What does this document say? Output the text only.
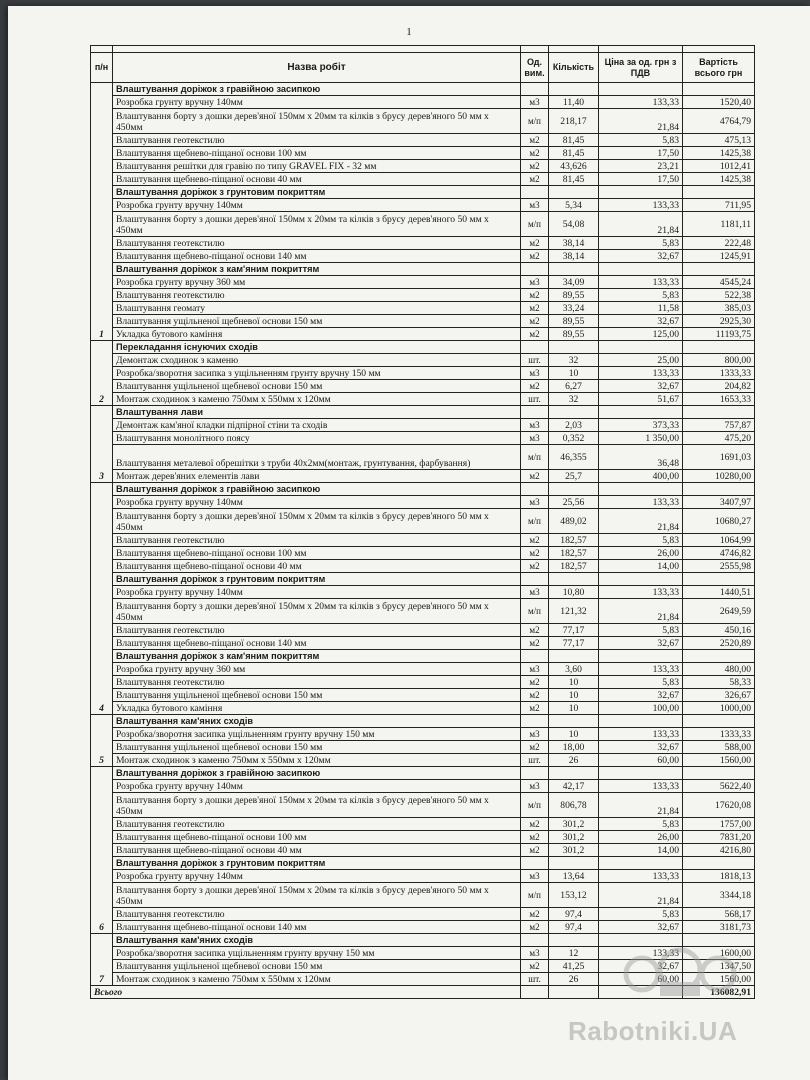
1

п/н	Назва робіт	Од. вим.	Кількість	Ціна за од. грн з ПДВ	Вартість всього грн
1	Влаштування доріжок з гравійною засипкою				
	Розробка грунту вручну 140мм	м3	11,40	133,33	1520,40
	Влаштування борту з дошки дерев'яної 150мм х 20мм та кілків з брусу дерев'яного 50 мм х 450мм	м/п	218,17	21,84	4764,79
	Влаштування геотекстилю	м2	81,45	5,83	475,13
	Влаштування щебнево-піщаної основи 100 мм	м2	81,45	17,50	1425,38
	Влаштування решітки для гравію по типу GRAVEL FIX - 32 мм	м2	43,626	23,21	1012,41
	Влаштування щебнево-піщаної основи 40 мм	м2	81,45	17,50	1425,38
	Влаштування доріжок з грунтовим покриттям				
	Розробка грунту вручну 140мм	м3	5,34	133,33	711,95
	Влаштування борту з дошки дерев'яної 150мм х 20мм та кілків з брусу дерев'яного 50 мм х 450мм	м/п	54,08	21,84	1181,11
	Влаштування геотекстилю	м2	38,14	5,83	222,48
	Влаштування щебнево-піщаної основи 140 мм	м2	38,14	32,67	1245,91
	Влаштування доріжок з кам'яним покриттям				
	Розробка грунту вручну 360 мм	м3	34,09	133,33	4545,24
	Влаштування геотекстилю	м2	89,55	5,83	522,38
	Влаштування геомату	м2	33,24	11,58	385,03
	Влаштування ущільненої щебневої основи 150 мм	м2	89,55	32,67	2925,30
	Укладка бутового каміння	м2	89,55	125,00	11193,75
2	Перекладання існуючих сходів				
	Демонтаж сходинок з каменю	шт.	32	25,00	800,00
	Розробка/зворотня засипка з ущільненням грунту вручну 150 мм	м3	10	133,33	1333,33
	Влаштування ущільненої щебневої основи 150 мм	м2	6,27	32,67	204,82
	Монтаж сходинок з каменю 750мм х 550мм х 120мм	шт.	32	51,67	1653,33
3	Влаштування лави				
	Демонтаж кам'яної кладки підпірної стіни та сходів	м3	2,03	373,33	757,87
	Влаштування монолітного поясу	м3	0,352	1 350,00	475,20
	Влаштування металевої обрешітки з труби 40х2мм(монтаж, грунтування, фарбування)	м/п	46,355	36,48	1691,03
	Монтаж дерев'яних елементів лави	м2	25,7	400,00	10280,00
4	Влаштування доріжок з гравійною засипкою				
	Розробка грунту вручну 140мм	м3	25,56	133,33	3407,97
	Влаштування борту з дошки дерев'яної 150мм х 20мм та кілків з брусу дерев'яного 50 мм х 450мм	м/п	489,02	21,84	10680,27
	Влаштування геотекстилю	м2	182,57	5,83	1064,99
	Влаштування щебнево-піщаної основи 100 мм	м2	182,57	26,00	4746,82
	Влаштування щебнево-піщаної основи 40 мм	м2	182,57	14,00	2555,98
	Влаштування доріжок з грунтовим покриттям				
	Розробка грунту вручну 140мм	м3	10,80	133,33	1440,51
	Влаштування борту з дошки дерев'яної 150мм х 20мм та кілків з брусу дерев'яного 50 мм х 450мм	м/п	121,32	21,84	2649,59
	Влаштування геотекстилю	м2	77,17	5,83	450,16
	Влаштування щебнево-піщаної основи 140 мм	м2	77,17	32,67	2520,89
	Влаштування доріжок з кам'яним покриттям				
	Розробка грунту вручну 360 мм	м3	3,60	133,33	480,00
	Влаштування геотекстилю	м2	10	5,83	58,33
	Влаштування ущільненої щебневої основи 150 мм	м2	10	32,67	326,67
	Укладка бутового каміння	м2	10	100,00	1000,00
5	Влаштування кам'яних сходів				
	Розробка/зворотня засипка ущільненням грунту вручну 150 мм	м3	10	133,33	1333,33
	Влаштування ущільненої щебневої основи 150 мм	м2	18,00	32,67	588,00
	Монтаж сходинок з каменю 750мм х 550мм х 120мм	шт.	26	60,00	1560,00
6	Влаштування доріжок з гравійною засипкою				
	Розробка грунту вручну 140мм	м3	42,17	133,33	5622,40
	Влаштування борту з дошки дерев'яної 150мм х 20мм та кілків з брусу дерев'яного 50 мм х 450мм	м/п	806,78	21,84	17620,08
	Влаштування геотекстилю	м2	301,2	5,83	1757,00
	Влаштування щебнево-піщаної основи 100 мм	м2	301,2	26,00	7831,20
	Влаштування щебнево-піщаної основи 40 мм	м2	301,2	14,00	4216,80
	Влаштування доріжок з грунтовим покриттям				
	Розробка грунту вручну 140мм	м3	13,64	133,33	1818,13
	Влаштування борту з дошки дерев'яної 150мм х 20мм та кілків з брусу дерев'яного 50 мм х 450мм	м/п	153,12	21,84	3344,18
	Влаштування геотекстилю	м2	97,4	5,83	568,17
	Влаштування щебнево-піщаної основи 140 мм	м2	97,4	32,67	3181,73
7	Влаштування кам'яних сходів				
	Розробка/зворотня засипка ущільненням грунту вручну 150 мм	м3	12	133,33	1600,00
	Влаштування ущільненої щебневої основи 150 мм	м2	41,25	32,67	1347,50
	Монтаж сходинок з каменю 750мм х 550мм х 120мм	шт.	26	60,00	1560,00
Всього					136082,91
Rabotniki.UA
